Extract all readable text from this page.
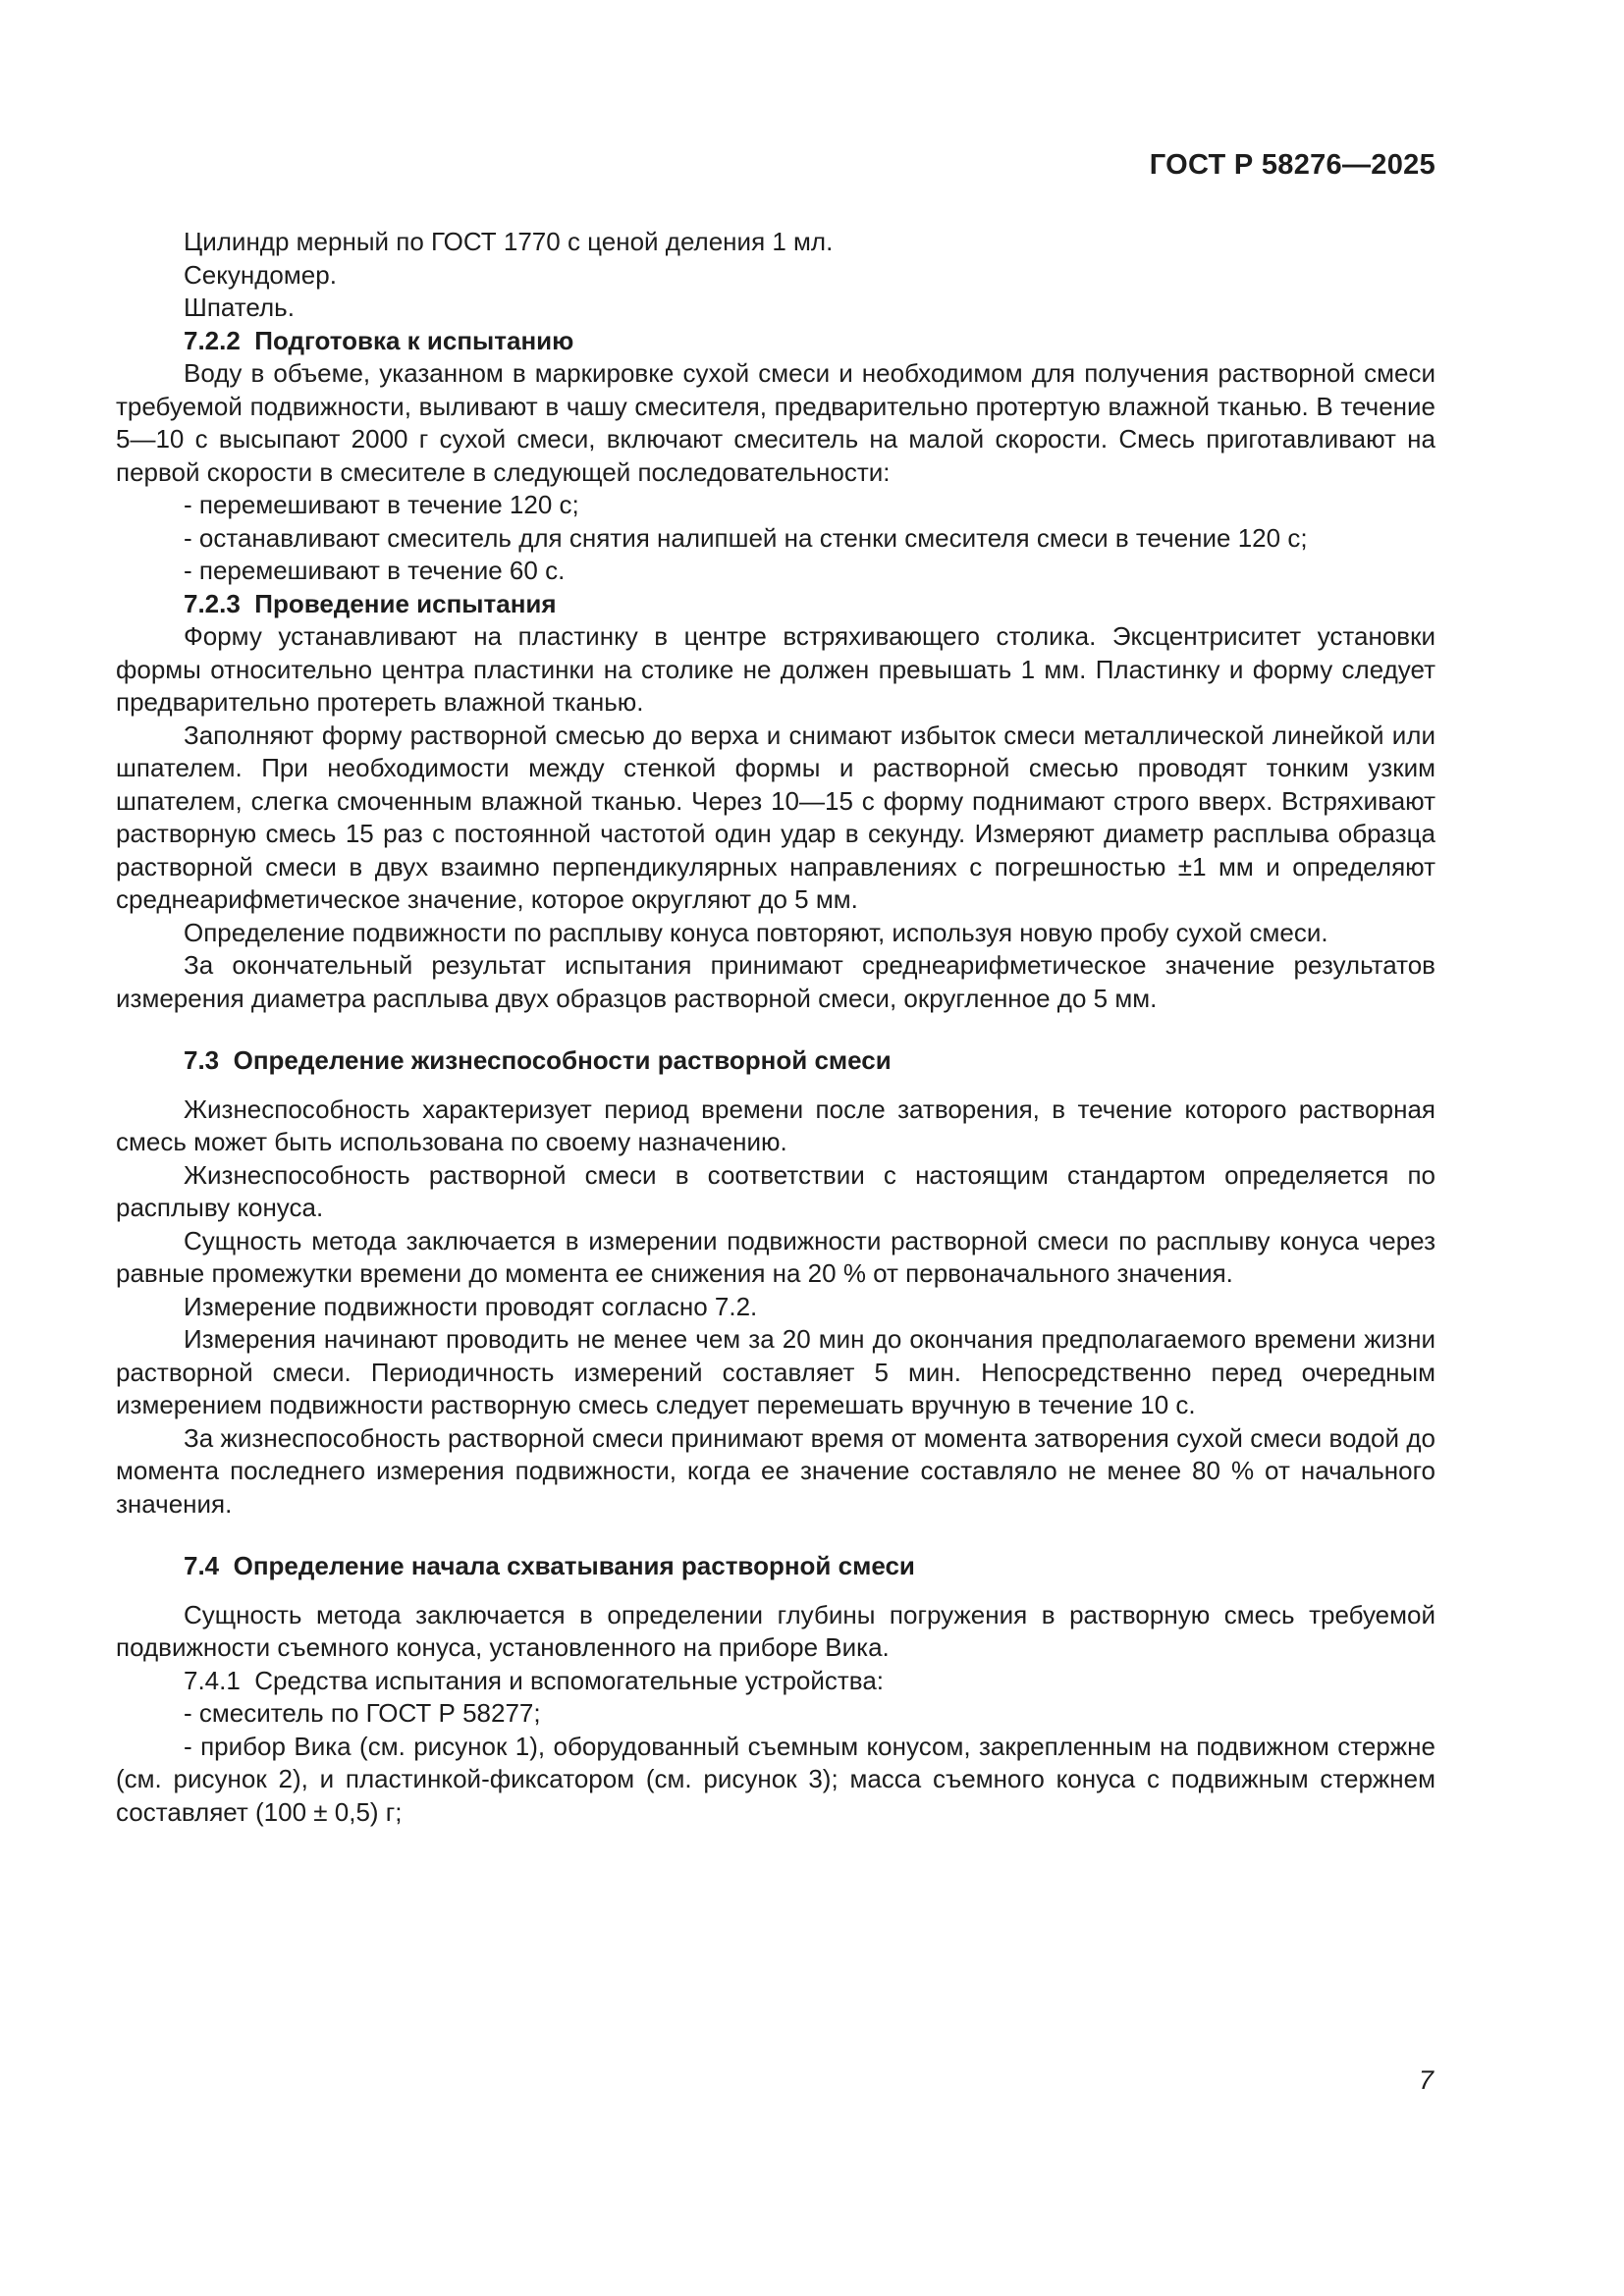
ГОСТ Р 58276—2025

Цилиндр мерный по ГОСТ 1770 с ценой деления 1 мл.

Секундомер.

Шпатель.

7.2.2  Подготовка к испытанию

Воду в объеме, указанном в маркировке сухой смеси и необходимом для получения растворной смеси требуемой подвижности, выливают в чашу смесителя, предварительно протертую влажной тканью. В течение 5—10 с высыпают 2000 г сухой смеси, включают смеситель на малой скорости. Смесь приготавливают на первой скорости в смесителе в следующей последовательности:

- перемешивают в течение 120 с;

- останавливают смеситель для снятия налипшей на стенки смесителя смеси в течение 120 с;

- перемешивают в течение 60 с.

7.2.3  Проведение испытания

Форму устанавливают на пластинку в центре встряхивающего столика. Эксцентриситет установки формы относительно центра пластинки на столике не должен превышать 1 мм. Пластинку и форму следует предварительно протереть влажной тканью.

Заполняют форму растворной смесью до верха и снимают избыток смеси металлической линейкой или шпателем. При необходимости между стенкой формы и растворной смесью проводят тонким узким шпателем, слегка смоченным влажной тканью. Через 10—15 с форму поднимают строго вверх. Встряхивают растворную смесь 15 раз с постоянной частотой один удар в секунду. Измеряют диаметр расплыва образца растворной смеси в двух взаимно перпендикулярных направлениях с погрешностью ±1 мм и определяют среднеарифметическое значение, которое округляют до 5 мм.

Определение подвижности по расплыву конуса повторяют, используя новую пробу сухой смеси.

За окончательный результат испытания принимают среднеарифметическое значение результатов измерения диаметра расплыва двух образцов растворной смеси, округленное до 5 мм.

7.3  Определение жизнеспособности растворной смеси

Жизнеспособность характеризует период времени после затворения, в течение которого растворная смесь может быть использована по своему назначению.

Жизнеспособность растворной смеси в соответствии с настоящим стандартом определяется по расплыву конуса.

Сущность метода заключается в измерении подвижности растворной смеси по расплыву конуса через равные промежутки времени до момента ее снижения на 20 % от первоначального значения.

Измерение подвижности проводят согласно 7.2.

Измерения начинают проводить не менее чем за 20 мин до окончания предполагаемого времени жизни растворной смеси. Периодичность измерений составляет 5 мин. Непосредственно перед очередным измерением подвижности растворную смесь следует перемешать вручную в течение 10 с.

За жизнеспособность растворной смеси принимают время от момента затворения сухой смеси водой до момента последнего измерения подвижности, когда ее значение составляло не менее 80 % от начального значения.

7.4  Определение начала схватывания растворной смеси

Сущность метода заключается в определении глубины погружения в растворную смесь требуемой подвижности съемного конуса, установленного на приборе Вика.

7.4.1  Средства испытания и вспомогательные устройства:

- смеситель по ГОСТ Р 58277;

- прибор Вика (см. рисунок 1), оборудованный съемным конусом, закрепленным на подвижном стержне (см. рисунок 2), и пластинкой-фиксатором (см. рисунок 3); масса съемного конуса с подвижным стержнем составляет (100 ± 0,5) г;

7
